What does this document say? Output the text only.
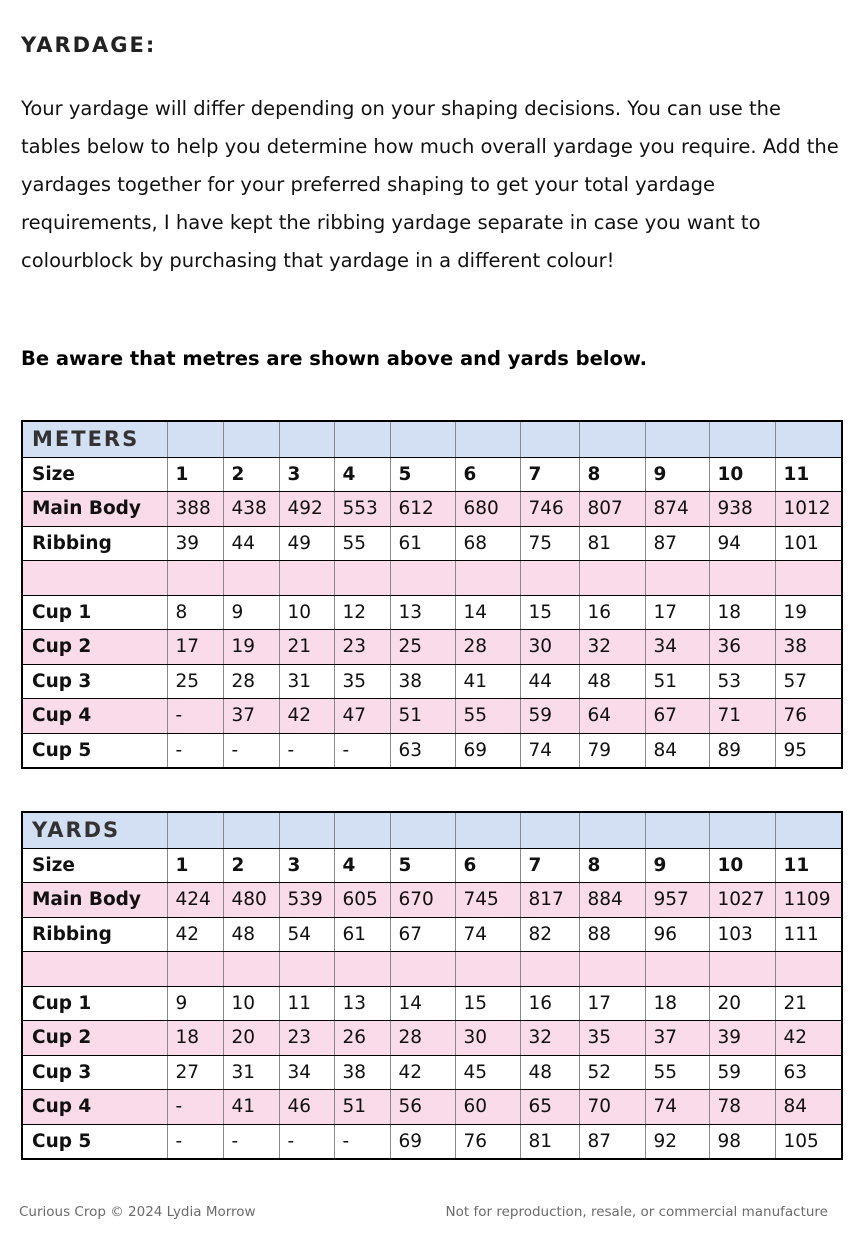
YARDAGE:

Your yardage will differ depending on your shaping decisions. You can use the tables below to help you determine how much overall yardage you require. Add the yardages together for your preferred shaping to get your total yardage requirements, I have kept the ribbing yardage separate in case you want to colourblock by purchasing that yardage in a different colour!

Be aware that metres are shown above and yards below.

METERS											
Size	1	2	3	4	5	6	7	8	9	10	11
Main Body	388	438	492	553	612	680	746	807	874	938	1012
Ribbing	39	44	49	55	61	68	75	81	87	94	101

Cup 1	8	9	10	12	13	14	15	16	17	18	19
Cup 2	17	19	21	23	25	28	30	32	34	36	38
Cup 3	25	28	31	35	38	41	44	48	51	53	57
Cup 4	-	37	42	47	51	55	59	64	67	71	76
Cup 5	-	-	-	-	63	69	74	79	84	89	95
YARDS											
Size	1	2	3	4	5	6	7	8	9	10	11
Main Body	424	480	539	605	670	745	817	884	957	1027	1109
Ribbing	42	48	54	61	67	74	82	88	96	103	111

Cup 1	9	10	11	13	14	15	16	17	18	20	21
Cup 2	18	20	23	26	28	30	32	35	37	39	42
Cup 3	27	31	34	38	42	45	48	52	55	59	63
Cup 4	-	41	46	51	56	60	65	70	74	78	84
Cup 5	-	-	-	-	69	76	81	87	92	98	105

Curious Crop © 2024 Lydia Morrow	Not for reproduction, resale, or commercial manufacture
